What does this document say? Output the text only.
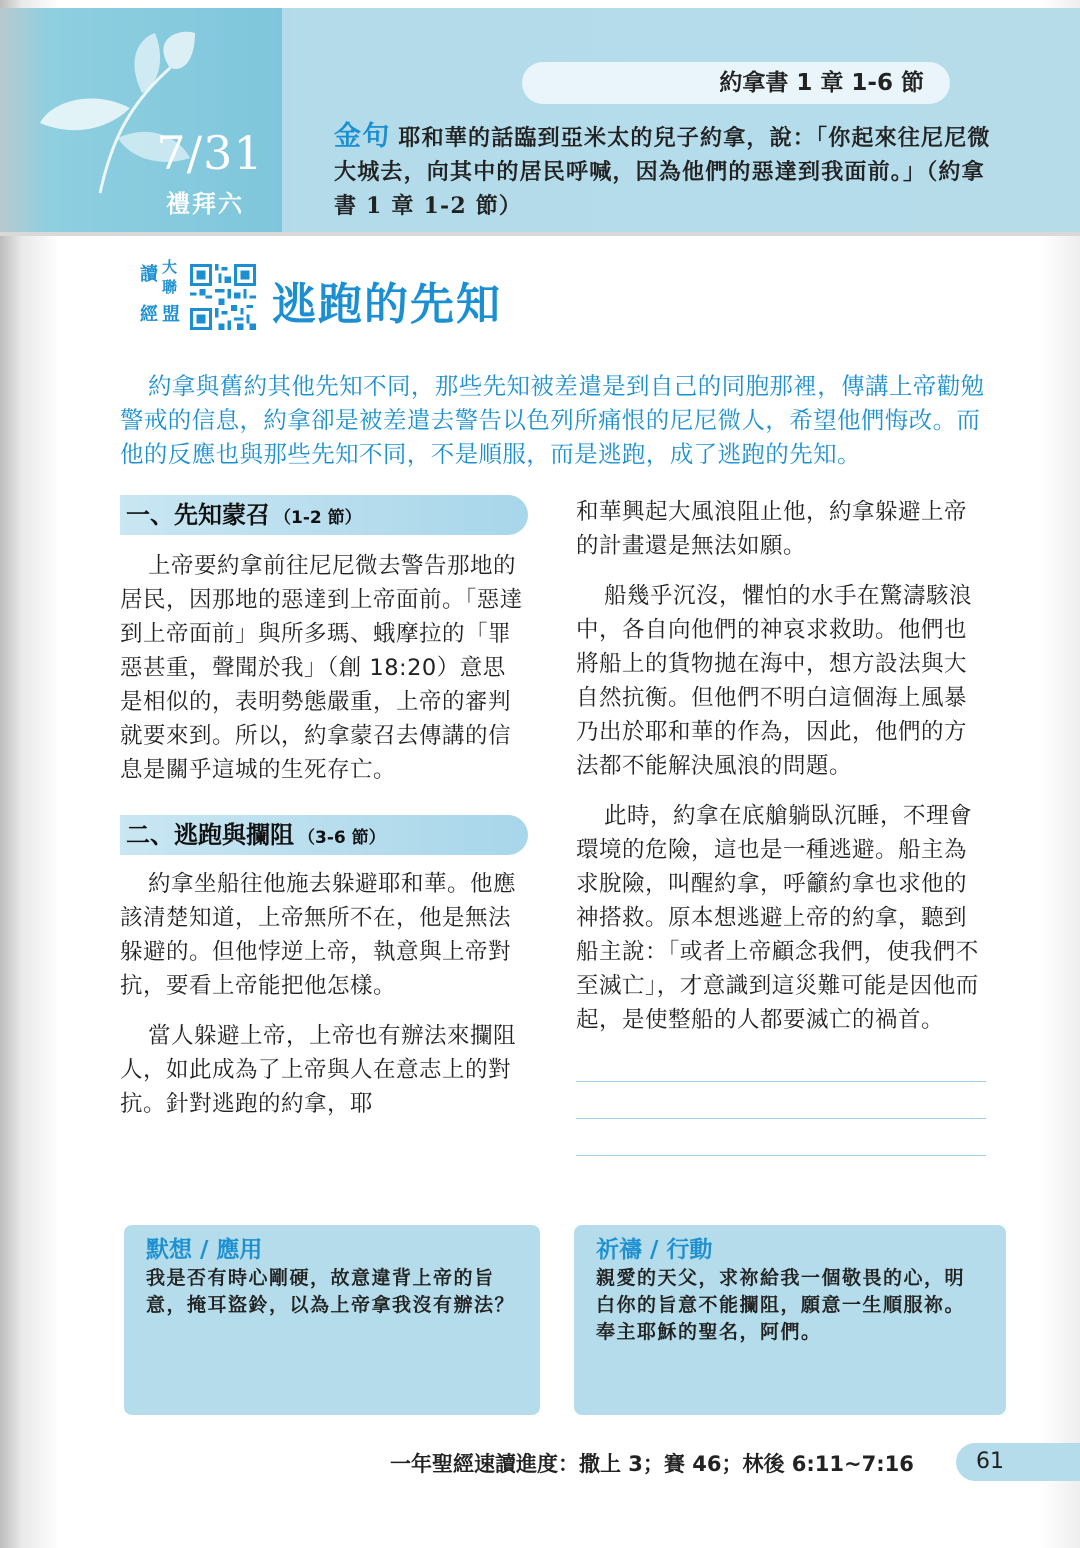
7/31
禮拜六
約拿書 1 章 1-6 節
金句 耶和華的話臨到亞米太的兒子約拿，說：「你起來往尼尼微大城去，向其中的居民呼喊，因為他們的惡達到我面前。」（約拿書 1 章 1-2 節）
讀 大
聯
經 盟 逃跑的先知

約拿與舊約其他先知不同，那些先知被差遣是到自己的同胞那裡，傳講上帝勸勉警戒的信息，約拿卻是被差遣去警告以色列所痛恨的尼尼微人，希望他們悔改。而他的反應也與那些先知不同，不是順服，而是逃跑，成了逃跑的先知。

一、先知蒙召 （1-2 節）

上帝要約拿前往尼尼微去警告那地的居民，因那地的惡達到上帝面前。「惡達到上帝面前」與所多瑪、蛾摩拉的「罪惡甚重，聲聞於我」（創 18:20）意思是相似的，表明勢態嚴重，上帝的審判就要來到。所以，約拿蒙召去傳講的信息是關乎這城的生死存亡。

二、逃跑與攔阻 （3-6 節）

約拿坐船往他施去躲避耶和華。他應該清楚知道，上帝無所不在，他是無法躲避的。但他悖逆上帝，執意與上帝對抗，要看上帝能把他怎樣。

當人躲避上帝，上帝也有辦法來攔阻人，如此成為了上帝與人在意志上的對抗。針對逃跑的約拿，耶

和華興起大風浪阻止他，約拿躲避上帝的計畫還是無法如願。

船幾乎沉沒，懼怕的水手在驚濤駭浪中，各自向他們的神哀求救助。他們也將船上的貨物拋在海中，想方設法與大自然抗衡。但他們不明白這個海上風暴乃出於耶和華的作為，因此，他們的方法都不能解決風浪的問題。

此時，約拿在底艙躺臥沉睡，不理會環境的危險，這也是一種逃避。船主為求脫險，叫醒約拿，呼籲約拿也求他的神搭救。原本想逃避上帝的約拿，聽到船主說：「或者上帝顧念我們，使我們不至滅亡」，才意識到這災難可能是因他而起，是使整船的人都要滅亡的禍首。

默想 / 應用
我是否有時心剛硬，故意違背上帝的旨意，掩耳盜鈴，以為上帝拿我沒有辦法？
祈禱 / 行動
親愛的天父，求祢給我一個敬畏的心，明白你的旨意不能攔阻，願意一生順服祢。奉主耶穌的聖名，阿們。
一年聖經速讀進度：撒上 3；賽 46；林後 6:11~7:16	61
